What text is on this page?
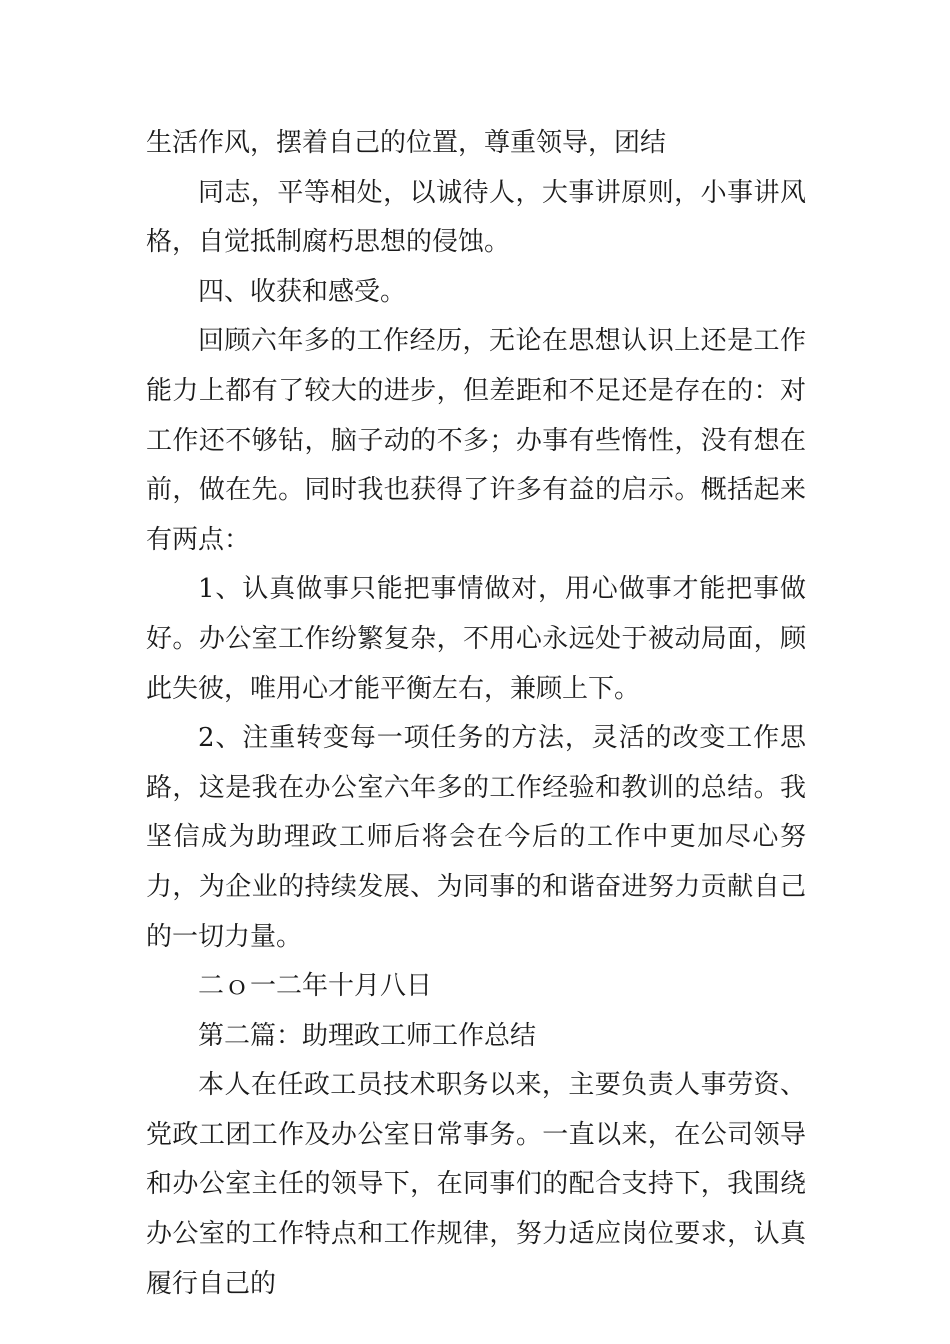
生活作风，摆着自己的位置，尊重领导，团结

同志，平等相处，以诚待人，大事讲原则，小事讲风格，自觉抵制腐朽思想的侵蚀。

四、收获和感受。

回顾六年多的工作经历，无论在思想认识上还是工作能力上都有了较大的进步，但差距和不足还是存在的：对工作还不够钻，脑子动的不多；办事有些惰性，没有想在前，做在先。同时我也获得了许多有益的启示。概括起来有两点：

1、认真做事只能把事情做对，用心做事才能把事做好。办公室工作纷繁复杂，不用心永远处于被动局面，顾此失彼，唯用心才能平衡左右，兼顾上下。

2、注重转变每一项任务的方法，灵活的改变工作思路，这是我在办公室六年多的工作经验和教训的总结。我坚信成为助理政工师后将会在今后的工作中更加尽心努力，为企业的持续发展、为同事的和谐奋进努力贡献自己的一切力量。

二ｏ一二年十月八日

第二篇：助理政工师工作总结

本人在任政工员技术职务以来，主要负责人事劳资、党政工团工作及办公室日常事务。一直以来，在公司领导和办公室主任的领导下，在同事们的配合支持下，我围绕办公室的工作特点和工作规律，努力适应岗位要求，认真履行自己的
